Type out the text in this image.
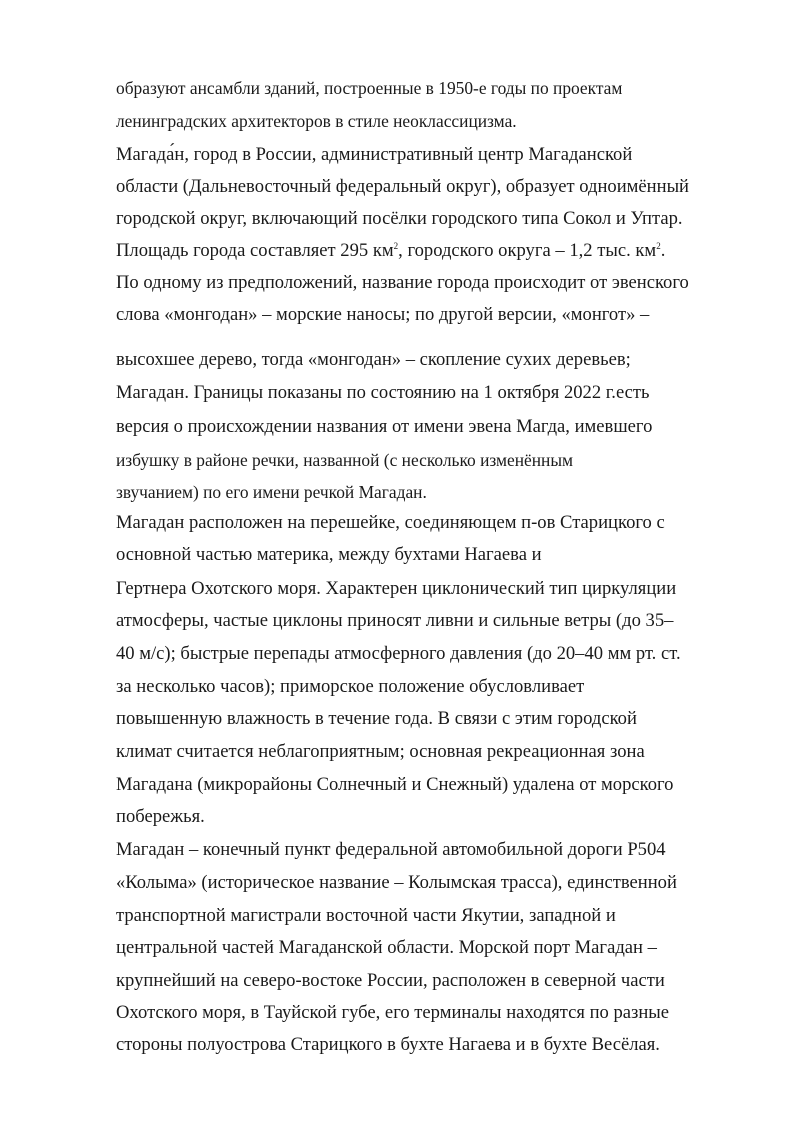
образуют ансамбли зданий, построенные в 1950-е годы по проектам
ленинградских архитекторов в стиле неоклассицизма.
Магада́н, город в России, административный центр Магаданской
области (Дальневосточный федеральный округ), образует одноимённый
городской округ, включающий посёлки городского типа Сокол и Уптар.
Площадь города составляет 295 $км^2$, городского округа – 1,2 тыс. $км^2$.
По одному из предположений, название города происходит от эвенского
слова «монгодан» – морские наносы; по другой версии, «монгот» –
высохшее дерево, тогда «монгодан» – скопление сухих деревьев;
Магадан. Границы показаны по состоянию на 1 октября 2022 г.есть
версия о происхождении названия от имени эвена Магда, имевшего
избушку в районе речки, названной (с несколько изменённым
звучанием) по его имени речкой Магадан.
Магадан расположен на перешейке, соединяющем п-ов Старицкого с
основной частью материка, между бухтами Нагаева и
Гертнера Охотского моря. Характерен циклонический тип циркуляции
атмосферы, частые циклоны приносят ливни и сильные ветры (до 35–
40 м/с); быстрые перепады атмосферного давления (до 20–40 мм рт. ст.
за несколько часов); приморское положение обусловливает
повышенную влажность в течение года. В связи с этим городской
климат считается неблагоприятным; основная рекреационная зона
Магадана (микрорайоны Солнечный и Снежный) удалена от морского
побережья.
Магадан – конечный пункт федеральной автомобильной дороги Р504
«Колыма» (историческое название – Колымская трасса), единственной
транспортной магистрали восточной части Якутии, западной и
центральной частей Магаданской области. Морской порт Магадан –
крупнейший на северо-востоке России, расположен в северной части
Охотского моря, в Тауйской губе, его терминалы находятся по разные
стороны полуострова Старицкого в бухте Нагаева и в бухте Весёлая.
